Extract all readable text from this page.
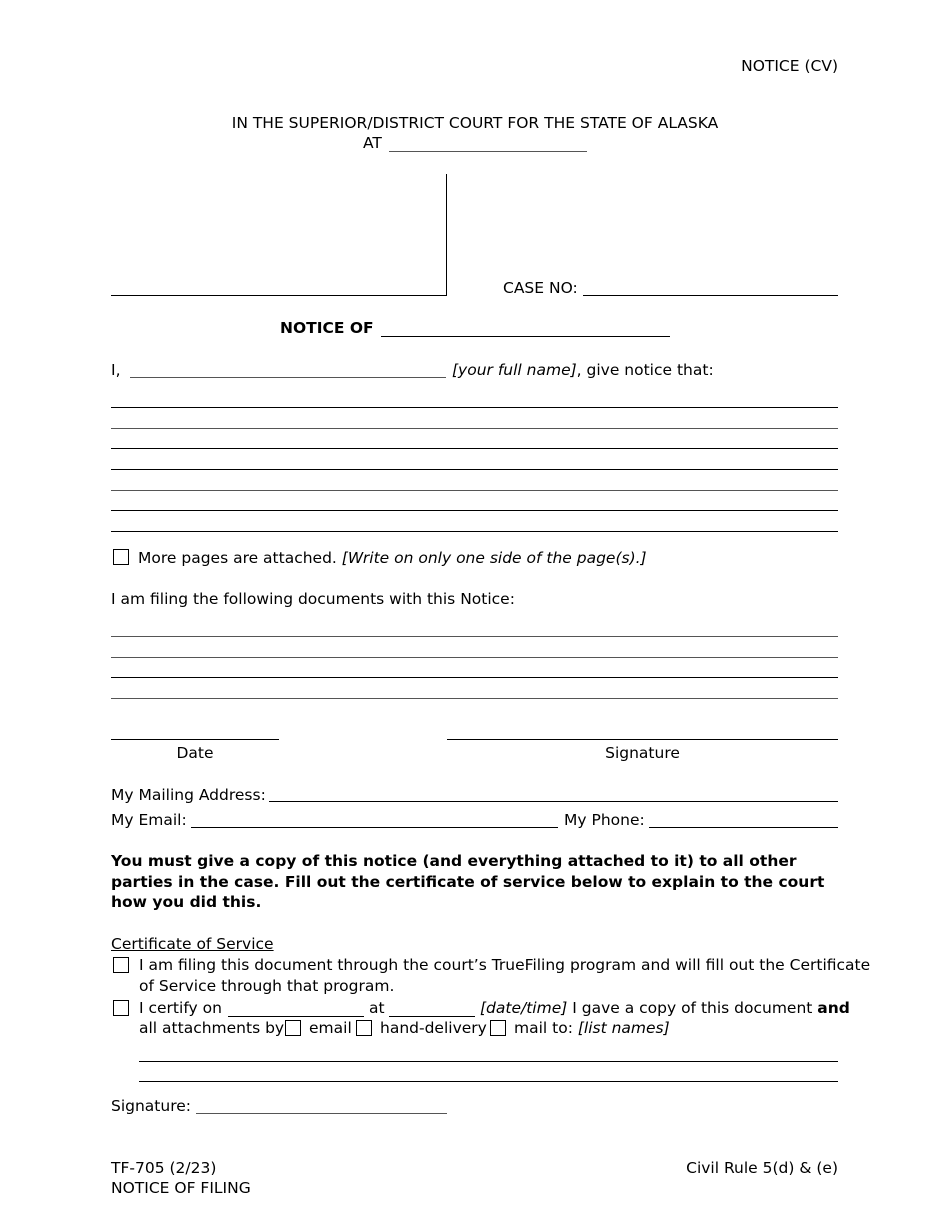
NOTICE (CV)
IN THE SUPERIOR/DISTRICT COURT FOR THE STATE OF ALASKA
AT
CASE NO:
NOTICE OF
I,	[your full name], give notice that:
More pages are attached. [Write on only one side of the page(s).]
I am filing the following documents with this Notice:
Date	Signature
My Mailing Address:
My Email:	My Phone:
You must give a copy of this notice (and everything attached to it) to all other
parties in the case. Fill out the certificate of service below to explain to the court
how you did this.
Certificate of Service
I am filing this document through the court’s TrueFiling program and will fill out the Certificate
of Service through that program.
I certify on	at	[date/time] I gave a copy of this document and
all attachments by email hand-delivery mail to: [list names]
Signature:
TF-705 (2/23)
NOTICE OF FILING
Civil Rule 5(d) & (e)
